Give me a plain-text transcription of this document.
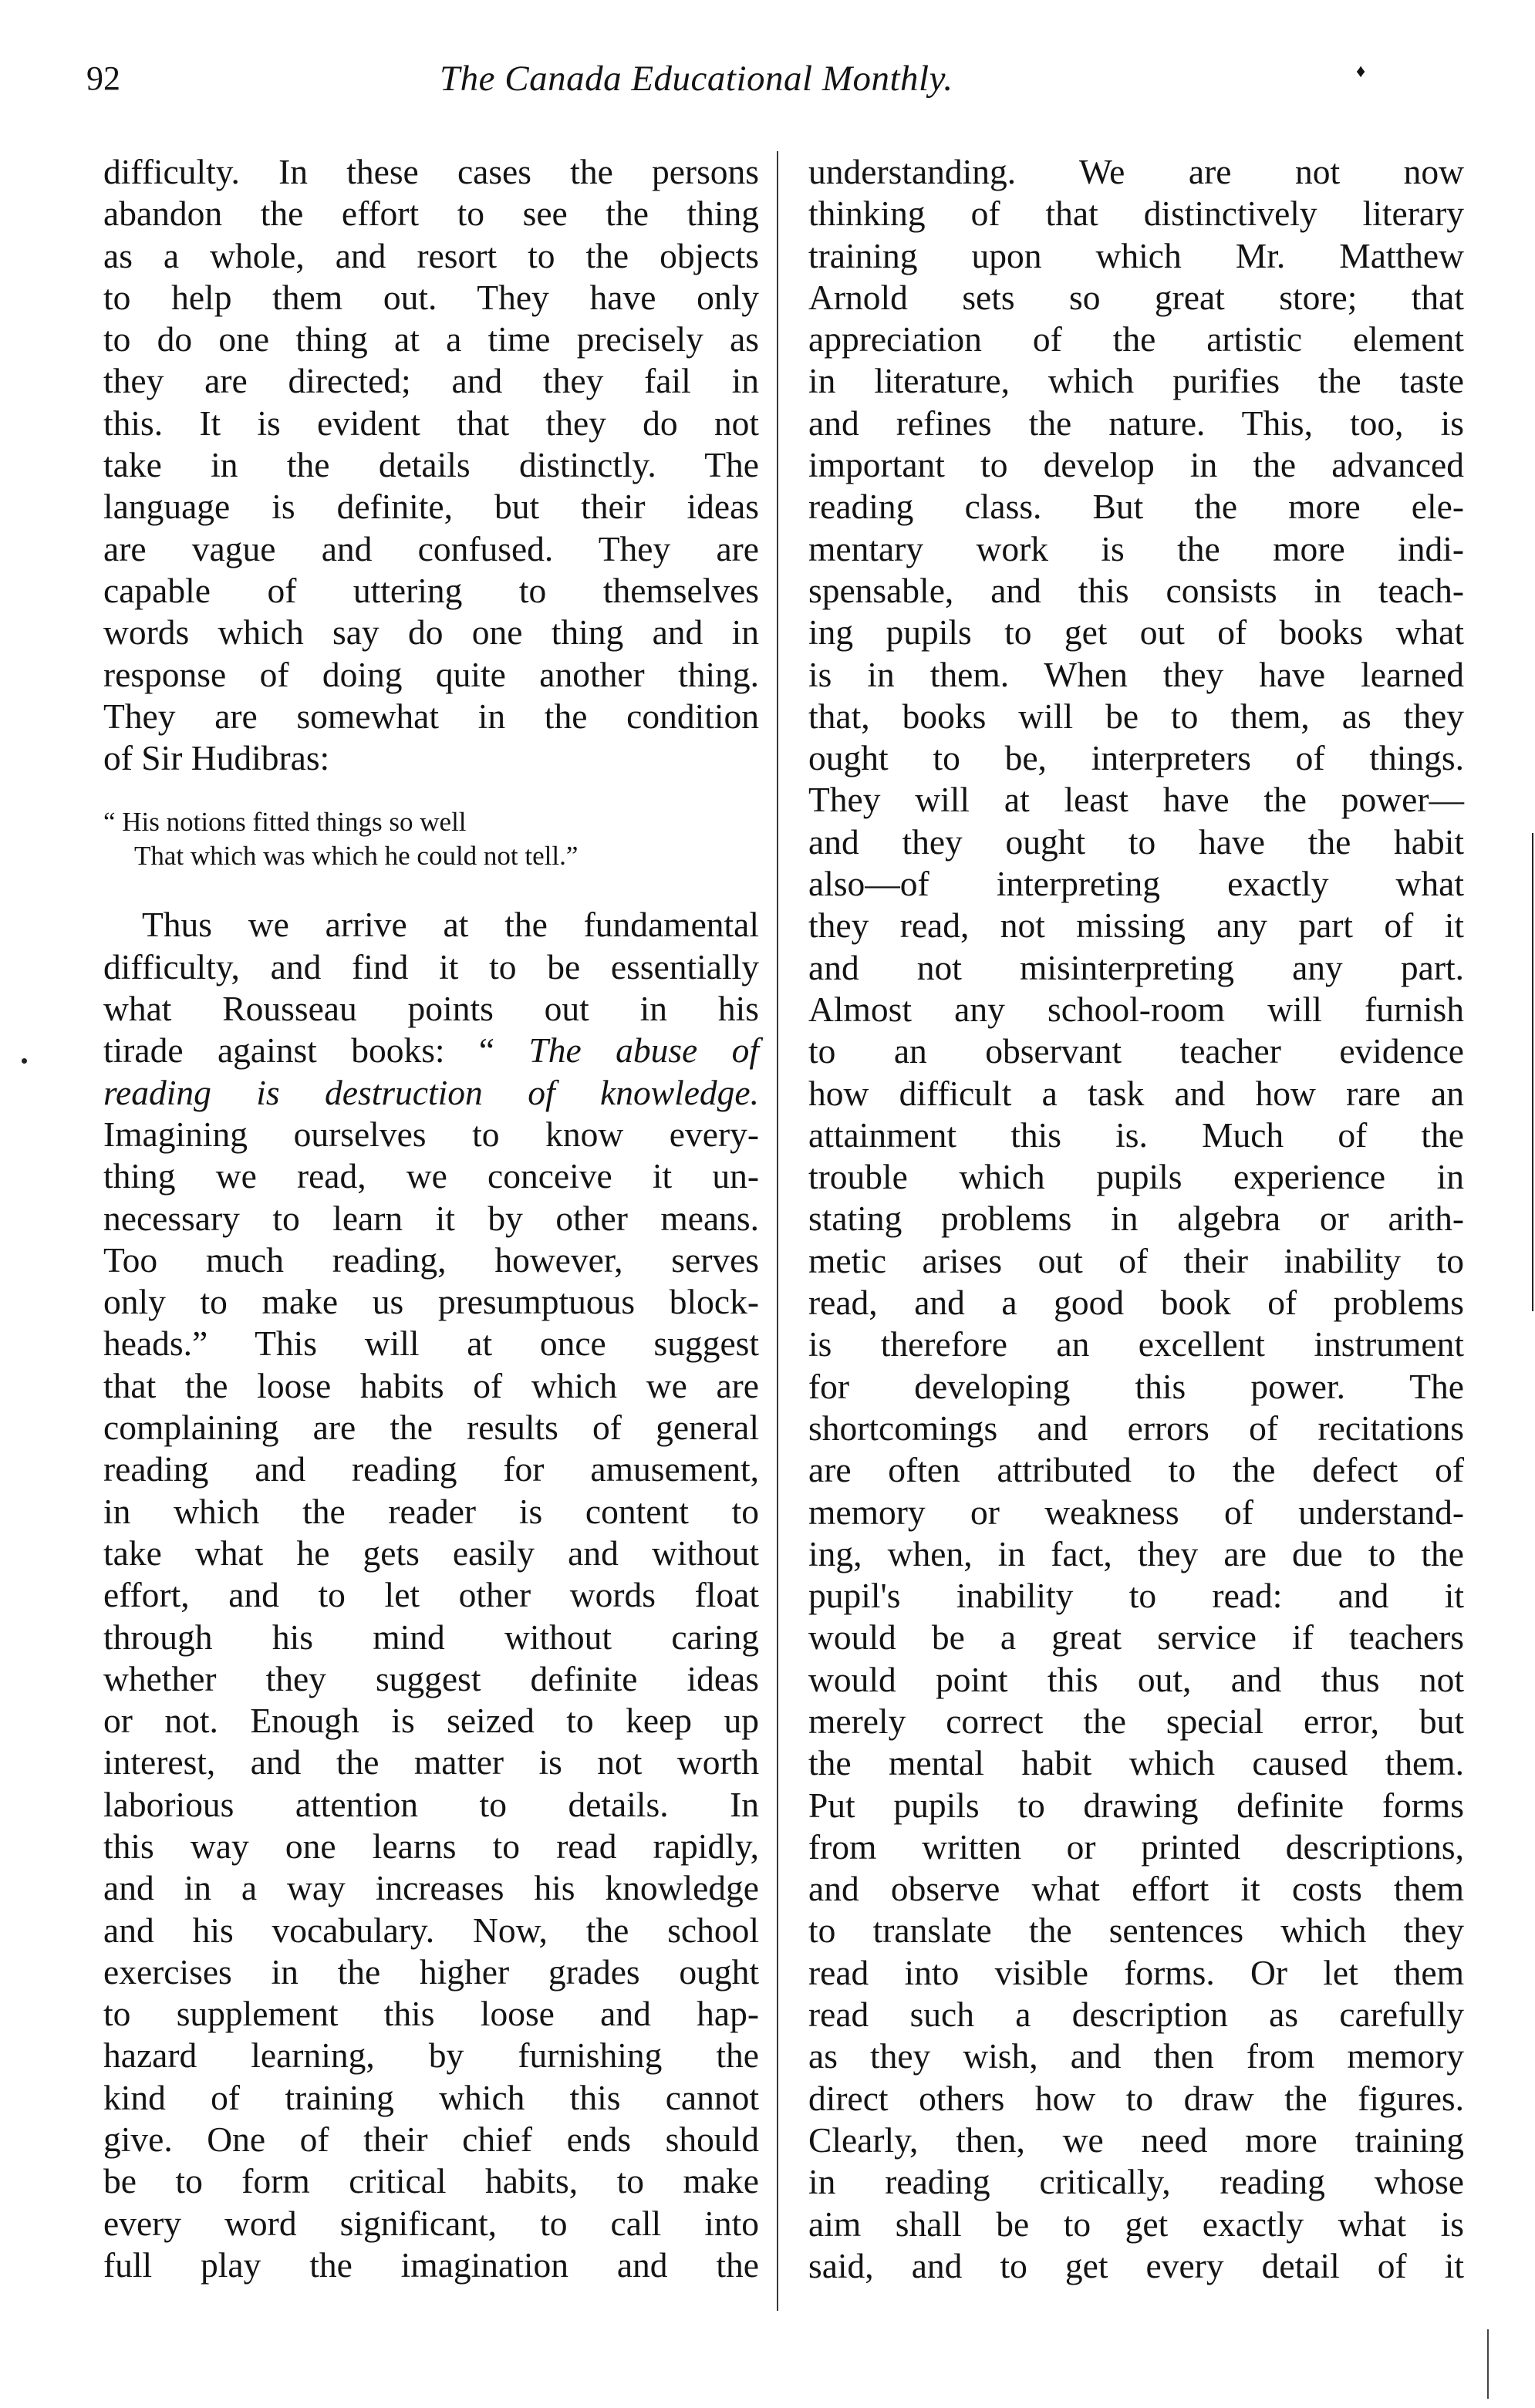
92	The Canada Educational Monthly.	♦
difficulty. In these cases the persons
abandon the effort to see the thing
as a whole, and resort to the objects
to help them out. They have only
to do one thing at a time precisely as
they are directed; and they fail in
this. It is evident that they do not
take in the details distinctly. The
language is definite, but their ideas
are vague and confused. They are
capable of uttering to themselves
words which say do one thing and in
response of doing quite another thing.
They are somewhat in the condition
of Sir Hudibras:
“ His notions fitted things so well
That which was which he could not tell.”
Thus we arrive at the fundamental
difficulty, and find it to be essentially
what Rousseau points out in his
tirade against books: “ The abuse of
reading is destruction of knowledge.
Imagining ourselves to know every-
thing we read, we conceive it un-
necessary to learn it by other means.
Too much reading, however, serves
only to make us presumptuous block-
heads.” This will at once suggest
that the loose habits of which we are
complaining are the results of general
reading and reading for amusement,
in which the reader is content to
take what he gets easily and without
effort, and to let other words float
through his mind without caring
whether they suggest definite ideas
or not. Enough is seized to keep up
interest, and the matter is not worth
laborious attention to details. In
this way one learns to read rapidly,
and in a way increases his knowledge
and his vocabulary. Now, the school
exercises in the higher grades ought
to supplement this loose and hap-
hazard learning, by furnishing the
kind of training which this cannot
give. One of their chief ends should
be to form critical habits, to make
every word significant, to call into
full play the imagination and the
understanding. We are not now
thinking of that distinctively literary
training upon which Mr. Matthew
Arnold sets so great store; that
appreciation of the artistic element
in literature, which purifies the taste
and refines the nature. This, too, is
important to develop in the advanced
reading class. But the more ele-
mentary work is the more indi-
spensable, and this consists in teach-
ing pupils to get out of books what
is in them. When they have learned
that, books will be to them, as they
ought to be, interpreters of things.
They will at least have the power—
and they ought to have the habit
also—of interpreting exactly what
they read, not missing any part of it
and not misinterpreting any part.
Almost any school-room will furnish
to an observant teacher evidence
how difficult a task and how rare an
attainment this is. Much of the
trouble which pupils experience in
stating problems in algebra or arith-
metic arises out of their inability to
read, and a good book of problems
is therefore an excellent instrument
for developing this power. The
shortcomings and errors of recitations
are often attributed to the defect of
memory or weakness of understand-
ing, when, in fact, they are due to the
pupil's inability to read: and it
would be a great service if teachers
would point this out, and thus not
merely correct the special error, but
the mental habit which caused them.
Put pupils to drawing definite forms
from written or printed descriptions,
and observe what effort it costs them
to translate the sentences which they
read into visible forms. Or let them
read such a description as carefully
as they wish, and then from memory
direct others how to draw the figures.
Clearly, then, we need more training
in reading critically, reading whose
aim shall be to get exactly what is
said, and to get every detail of it
